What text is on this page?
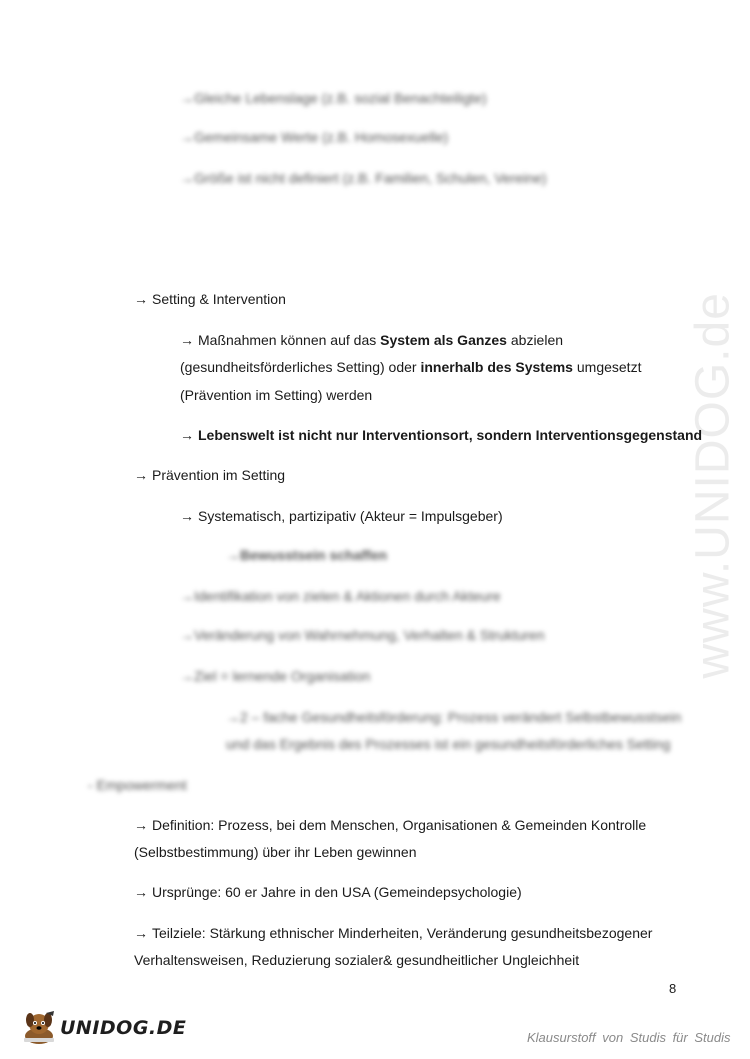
www.UNIDOG.de
→Gleiche Lebenslage (z.B. sozial Benachteiligte)
→Gemeinsame Werte (z.B. Homosexuelle)
→Größe ist nicht definiert (z.B. Familien, Schulen, Vereine)
→ Setting & Intervention
→ Maßnahmen können auf das System als Ganzes abzielen
(gesundheitsförderliches Setting) oder innerhalb des Systems umgesetzt
(Prävention im Setting) werden
→ Lebenswelt ist nicht nur Interventionsort, sondern Interventionsgegenstand
→ Prävention im Setting
→ Systematisch, partizipativ (Akteur = Impulsgeber)
→Bewusstsein schaffen
→Identifikation von zielen & Aktionen durch Akteure
→Veränderung von Wahrnehmung, Verhalten & Strukturen
→Ziel = lernende Organisation
→2 – fache Gesundheitsförderung: Prozess verändert Selbstbewusstsein
und das Ergebnis des Prozesses ist ein gesundheitsförderliches Setting
- Empowerment
→ Definition: Prozess, bei dem Menschen, Organisationen & Gemeinden Kontrolle
(Selbstbestimmung) über ihr Leben gewinnen
→ Ursprünge: 60 er Jahre in den USA (Gemeindepsychologie)
→ Teilziele: Stärkung ethnischer Minderheiten, Veränderung gesundheitsbezogener
Verhaltensweisen, Reduzierung sozialer& gesundheitlicher Ungleichheit
8
UNIDOG.DE	Klausurstoff von Studis für Studis
